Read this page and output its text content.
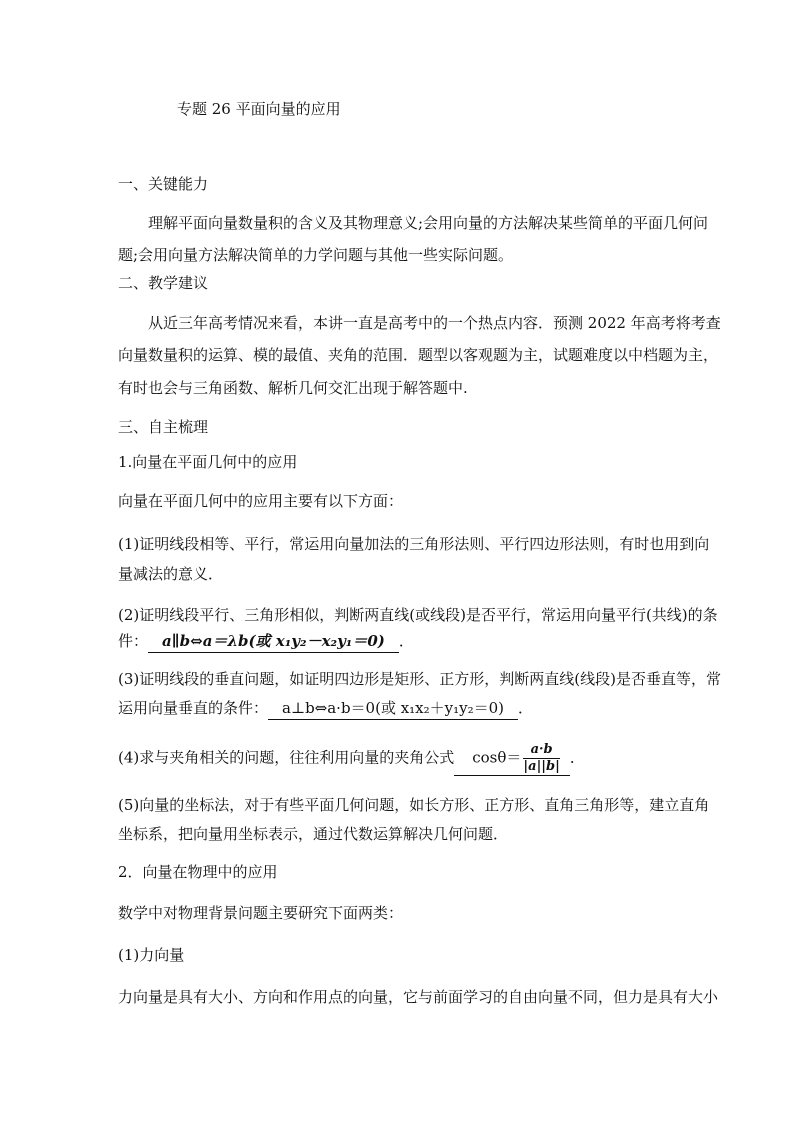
专题 26 平面向量的应用
一、关键能力
理解平面向量数量积的含义及其物理意义;会用向量的方法解决某些简单的平面几何问
题;会用向量方法解决简单的力学问题与其他一些实际问题。
二、教学建议
从近三年高考情况来看，本讲一直是高考中的一个热点内容．预测 2022 年高考将考查
向量数量积的运算、模的最值、夹角的范围．题型以客观题为主，试题难度以中档题为主，
有时也会与三角函数、解析几何交汇出现于解答题中.
三、自主梳理
1.向量在平面几何中的应用
向量在平面几何中的应用主要有以下方面：
(1)证明线段相等、平行，常运用向量加法的三角形法则、平行四边形法则，有时也用到向
量减法的意义．
(2)证明线段平行、三角形相似，判断两直线(或线段)是否平行，常运用向量平行(共线)的条
件： a∥b⇔a＝λb(或 x₁y₂－x₂y₁＝0) ．
(3)证明线段的垂直问题，如证明四边形是矩形、正方形，判断两直线(线段)是否垂直等，常
运用向量垂直的条件： a⊥b⇔a·b＝0(或 x₁x₂＋y₁y₂＝0) ．
(4)求与夹角相关的问题，往往利用向量的夹角公式 $\cos\theta= \frac{a\cdot b}{|a||b|}$ ．
(5)向量的坐标法，对于有些平面几何问题，如长方形、正方形、直角三角形等，建立直角
坐标系，把向量用坐标表示，通过代数运算解决几何问题．
2．向量在物理中的应用
数学中对物理背景问题主要研究下面两类：
(1)力向量
力向量是具有大小、方向和作用点的向量，它与前面学习的自由向量不同，但力是具有大小
